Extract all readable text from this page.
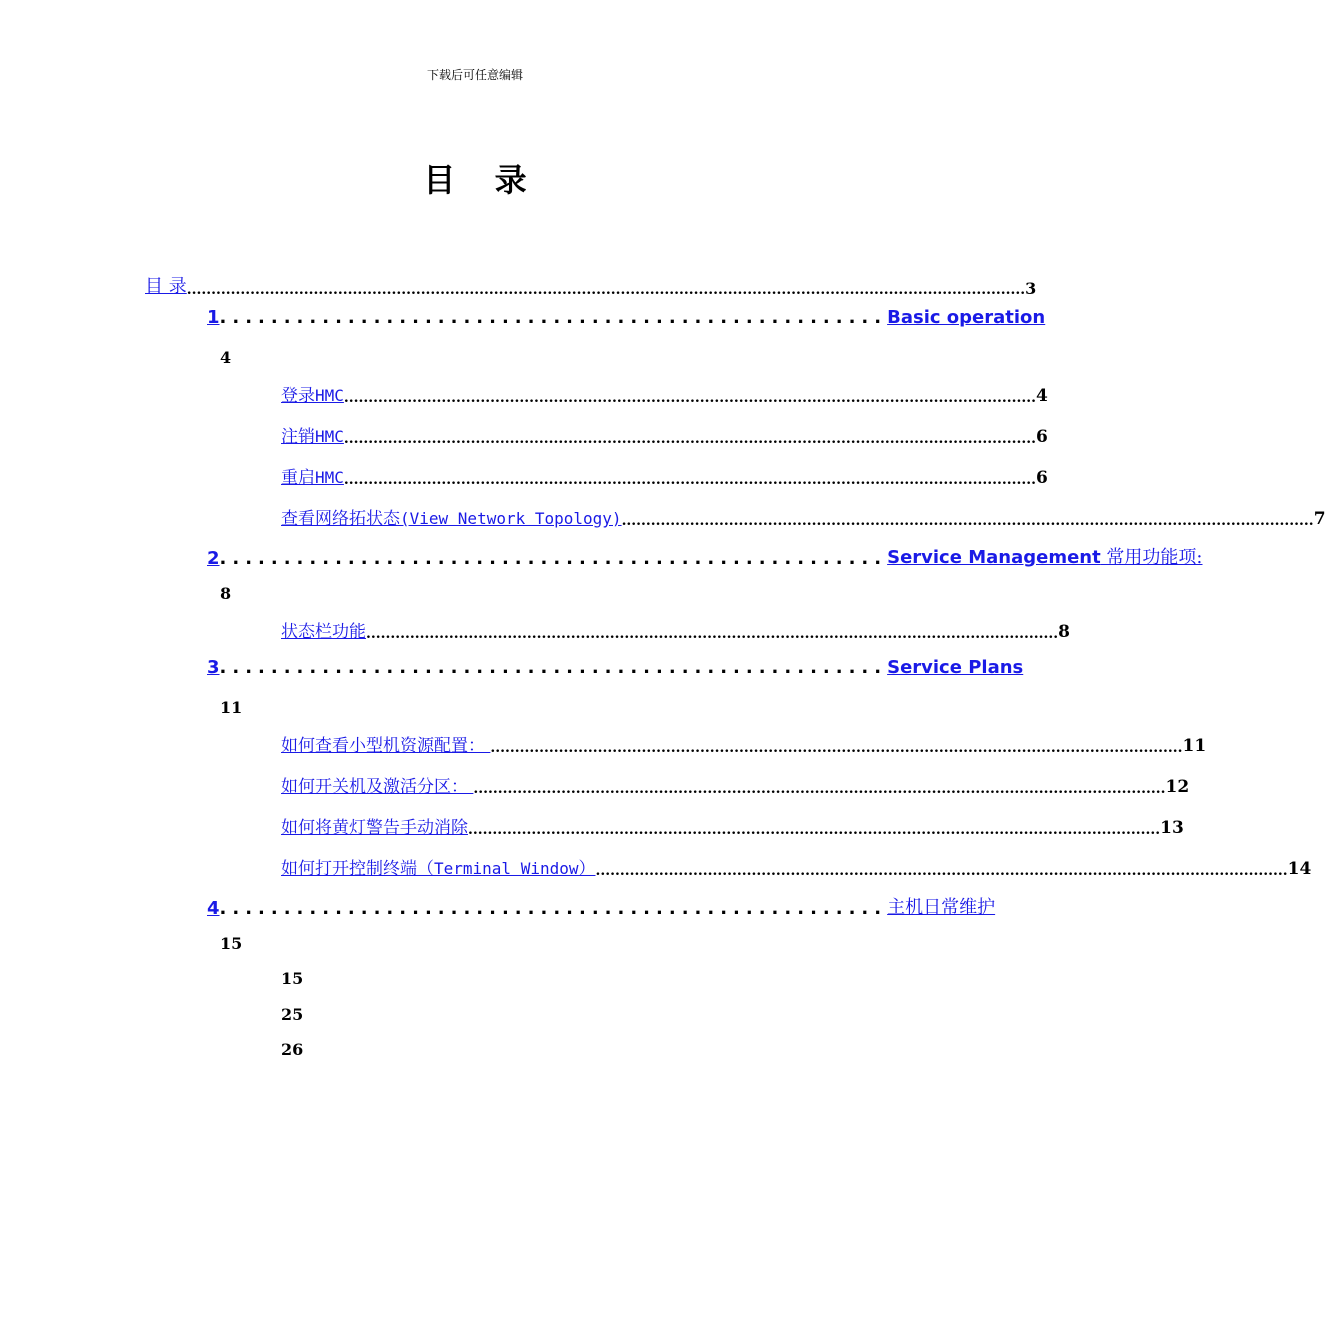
下载后可任意编辑
目 录
目 录 ............................................................................................................................................................................ 3
1 .................................................... Basic operation
4
登录HMC .............................................................................................................................................. 4
注销HMC .............................................................................................................................................. 6
重启HMC .............................................................................................................................................. 6
查看网络拓状态(View Network Topology) .............................................................................................................................................. 7
2 .................................................... Service Management 常用功能项:
8
状态栏功能 .............................................................................................................................................. 8
3 .................................................... Service Plans
11
如何查看小型机资源配置： .............................................................................................................................................. 11
如何开关机及激活分区： .............................................................................................................................................. 12
如何将黄灯警告手动消除 .............................................................................................................................................. 13
如何打开控制终端（Terminal Window） .............................................................................................................................................. 14
4 .................................................... 主机日常维护
15
15
25
26
